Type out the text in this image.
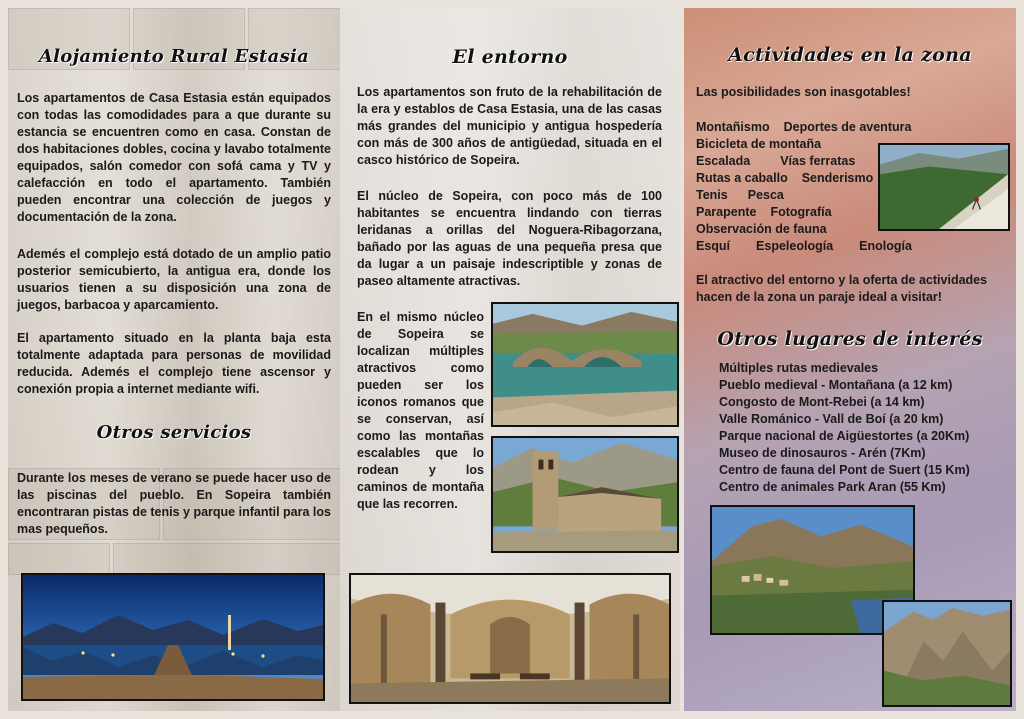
Alojamiento Rural Estasia

Los apartamentos de Casa Estasia están equipados con todas las comodidades para a que durante su estancia se encuentren como en casa. Constan de dos habitaciones dobles, cocina y lavabo totalmente equipados, salón comedor con sofá cama y TV y calefacción en todo el apartamento. También pueden encontrar una colección de juegos y documentación de la zona.

Ademés el complejo está dotado de un amplio patio posterior semicubierto, la antigua era, donde los usuarios tienen a su disposición una zona de juegos, barbacoa y aparcamiento.

El apartamento situado en la planta baja esta totalmente adaptada para personas de movilidad reducida. Ademés el complejo tiene ascensor y conexión propia a internet mediante wifi.

Otros servicios

Durante los meses de verano se puede hacer uso de las piscinas del pueblo. En Sopeira también encontraran pistas de tenis y parque infantil para los mas pequeños.

El entorno

Los apartamentos son fruto de la rehabilitación de la era y establos de Casa Estasia, una de las casas más grandes del municipio y antigua hospedería con más de 300 años de antigüedad, situada en el casco histórico de Sopeira.

El núcleo de Sopeira, con poco más de 100 habitantes se encuentra lindando con tierras leridanas a orillas del Noguera-Ribagorzana, bañado por las aguas de una pequeña presa que da lugar a un paisaje indescriptible y zonas de paseo altamente atractivas.

En el mismo núcleo de Sopeira se localizan múltiples atractivos como pueden ser los iconos romanos que se conservan, así como las montañas escalables que lo rodean y los caminos de montaña que las recorren.

Actividades en la zona

Las posibilidades son inasgotables!

Montañismo Deportes de aventura
Bicicleta de montaña
Escalada Vías ferratas
Rutas a caballo Senderismo
Tenis Pesca
Parapente Fotografía
Observación de fauna
Esquí Espeleología Enología

El atractivo del entorno y la oferta de actividades hacen de la zona un paraje ideal a visitar!

Otros lugares de interés
Múltiples rutas medievales
Pueblo medieval - Montañana (a 12 km)
Congosto de Mont-Rebei (a 14 km)
Valle Románico - Vall de Boí (a 20 km)
Parque nacional de Aigüestortes (a 20Km)
Museo de dinosauros - Arén (7Km)
Centro de fauna del Pont de Suert (15 Km)
Centro de animales Park Aran (55 Km)
